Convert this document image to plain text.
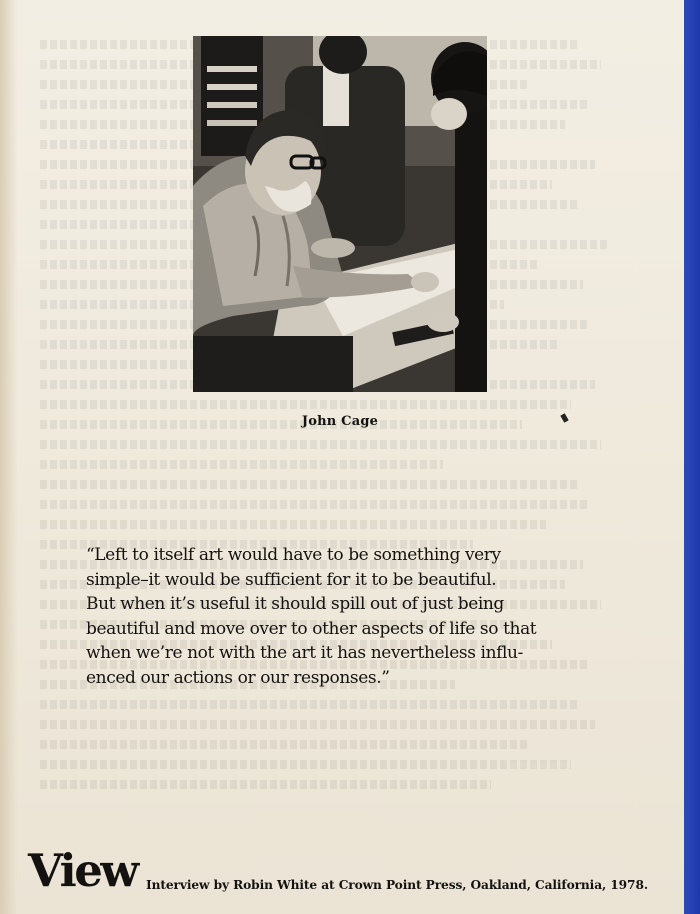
John Cage

“Left to itself art would have to be something very
simple–it would be sufficient for it to be beautiful.
But when it’s useful it should spill out of just being
beautiful and move over to other aspects of life so that
when we’re not with the art it has nevertheless influ-
enced our actions or our responses.”

View Interview by Robin White at Crown Point Press, Oakland, California, 1978.
